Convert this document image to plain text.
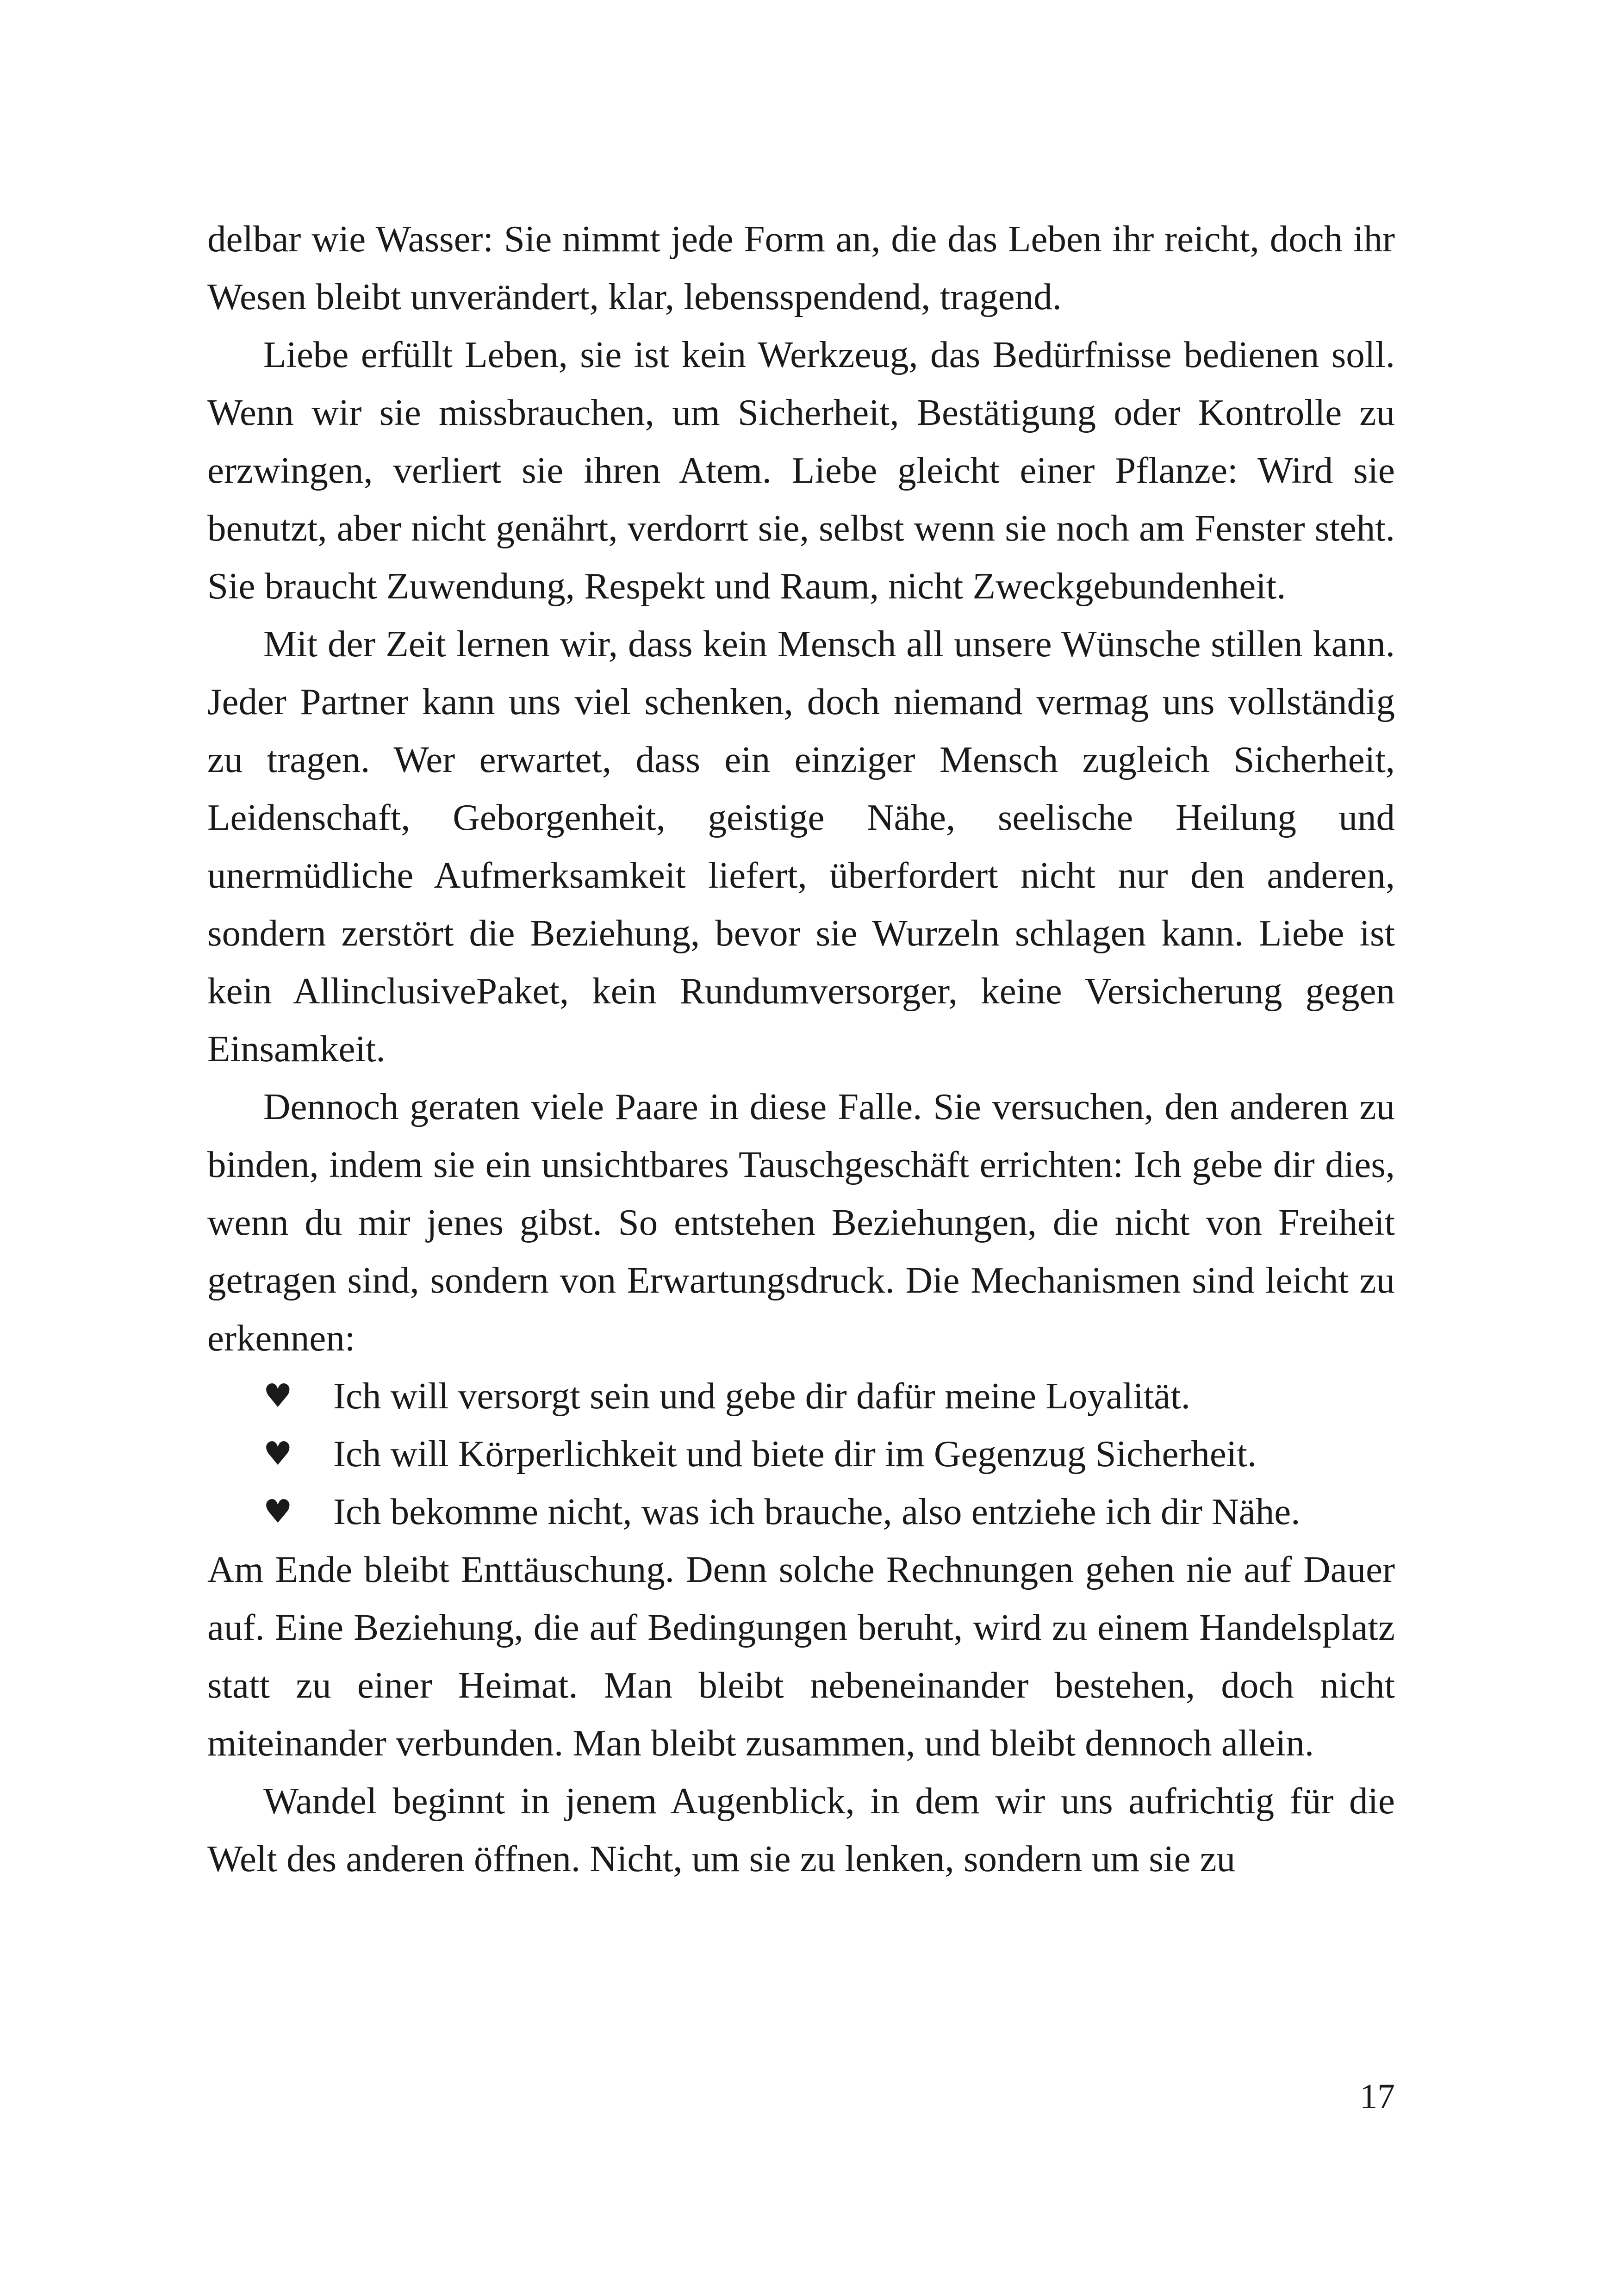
delbar wie Wasser: Sie nimmt jede Form an, die das Leben ihr reicht, doch ihr Wesen bleibt unverändert, klar, lebensspendend, tragend.

Liebe erfüllt Leben, sie ist kein Werkzeug, das Bedürfnisse bedienen soll. Wenn wir sie missbrauchen, um Sicherheit, Bestätigung oder Kontrolle zu erzwingen, verliert sie ihren Atem. Liebe gleicht einer Pflanze: Wird sie benutzt, aber nicht genährt, verdorrt sie, selbst wenn sie noch am Fenster steht. Sie braucht Zuwendung, Respekt und Raum, nicht Zweckgebundenheit.

Mit der Zeit lernen wir, dass kein Mensch all unsere Wünsche stillen kann. Jeder Partner kann uns viel schenken, doch niemand vermag uns vollständig zu tragen. Wer erwartet, dass ein einziger Mensch zugleich Sicherheit, Leidenschaft, Geborgenheit, geistige Nähe, seelische Heilung und unermüdliche Aufmerksamkeit liefert, überfordert nicht nur den anderen, sondern zerstört die Beziehung, bevor sie Wurzeln schlagen kann. Liebe ist kein AllinclusivePaket, kein Rundumversorger, keine Versicherung gegen Einsamkeit.

Dennoch geraten viele Paare in diese Falle. Sie versuchen, den anderen zu binden, indem sie ein unsichtbares Tauschgeschäft errichten: Ich gebe dir dies, wenn du mir jenes gibst. So entstehen Beziehungen, die nicht von Freiheit getragen sind, sondern von Erwartungsdruck. Die Mechanismen sind leicht zu erkennen:

♥ Ich will versorgt sein und gebe dir dafür meine Loyalität.
♥ Ich will Körperlichkeit und biete dir im Gegenzug Sicherheit.
♥ Ich bekomme nicht, was ich brauche, also entziehe ich dir Nähe.

Am Ende bleibt Enttäuschung. Denn solche Rechnungen gehen nie auf Dauer auf. Eine Beziehung, die auf Bedingungen beruht, wird zu einem Handelsplatz statt zu einer Heimat. Man bleibt nebeneinander bestehen, doch nicht miteinander verbunden. Man bleibt zusammen, und bleibt dennoch allein.

Wandel beginnt in jenem Augenblick, in dem wir uns aufrichtig für die Welt des anderen öffnen. Nicht, um sie zu lenken, sondern um sie zu

17
